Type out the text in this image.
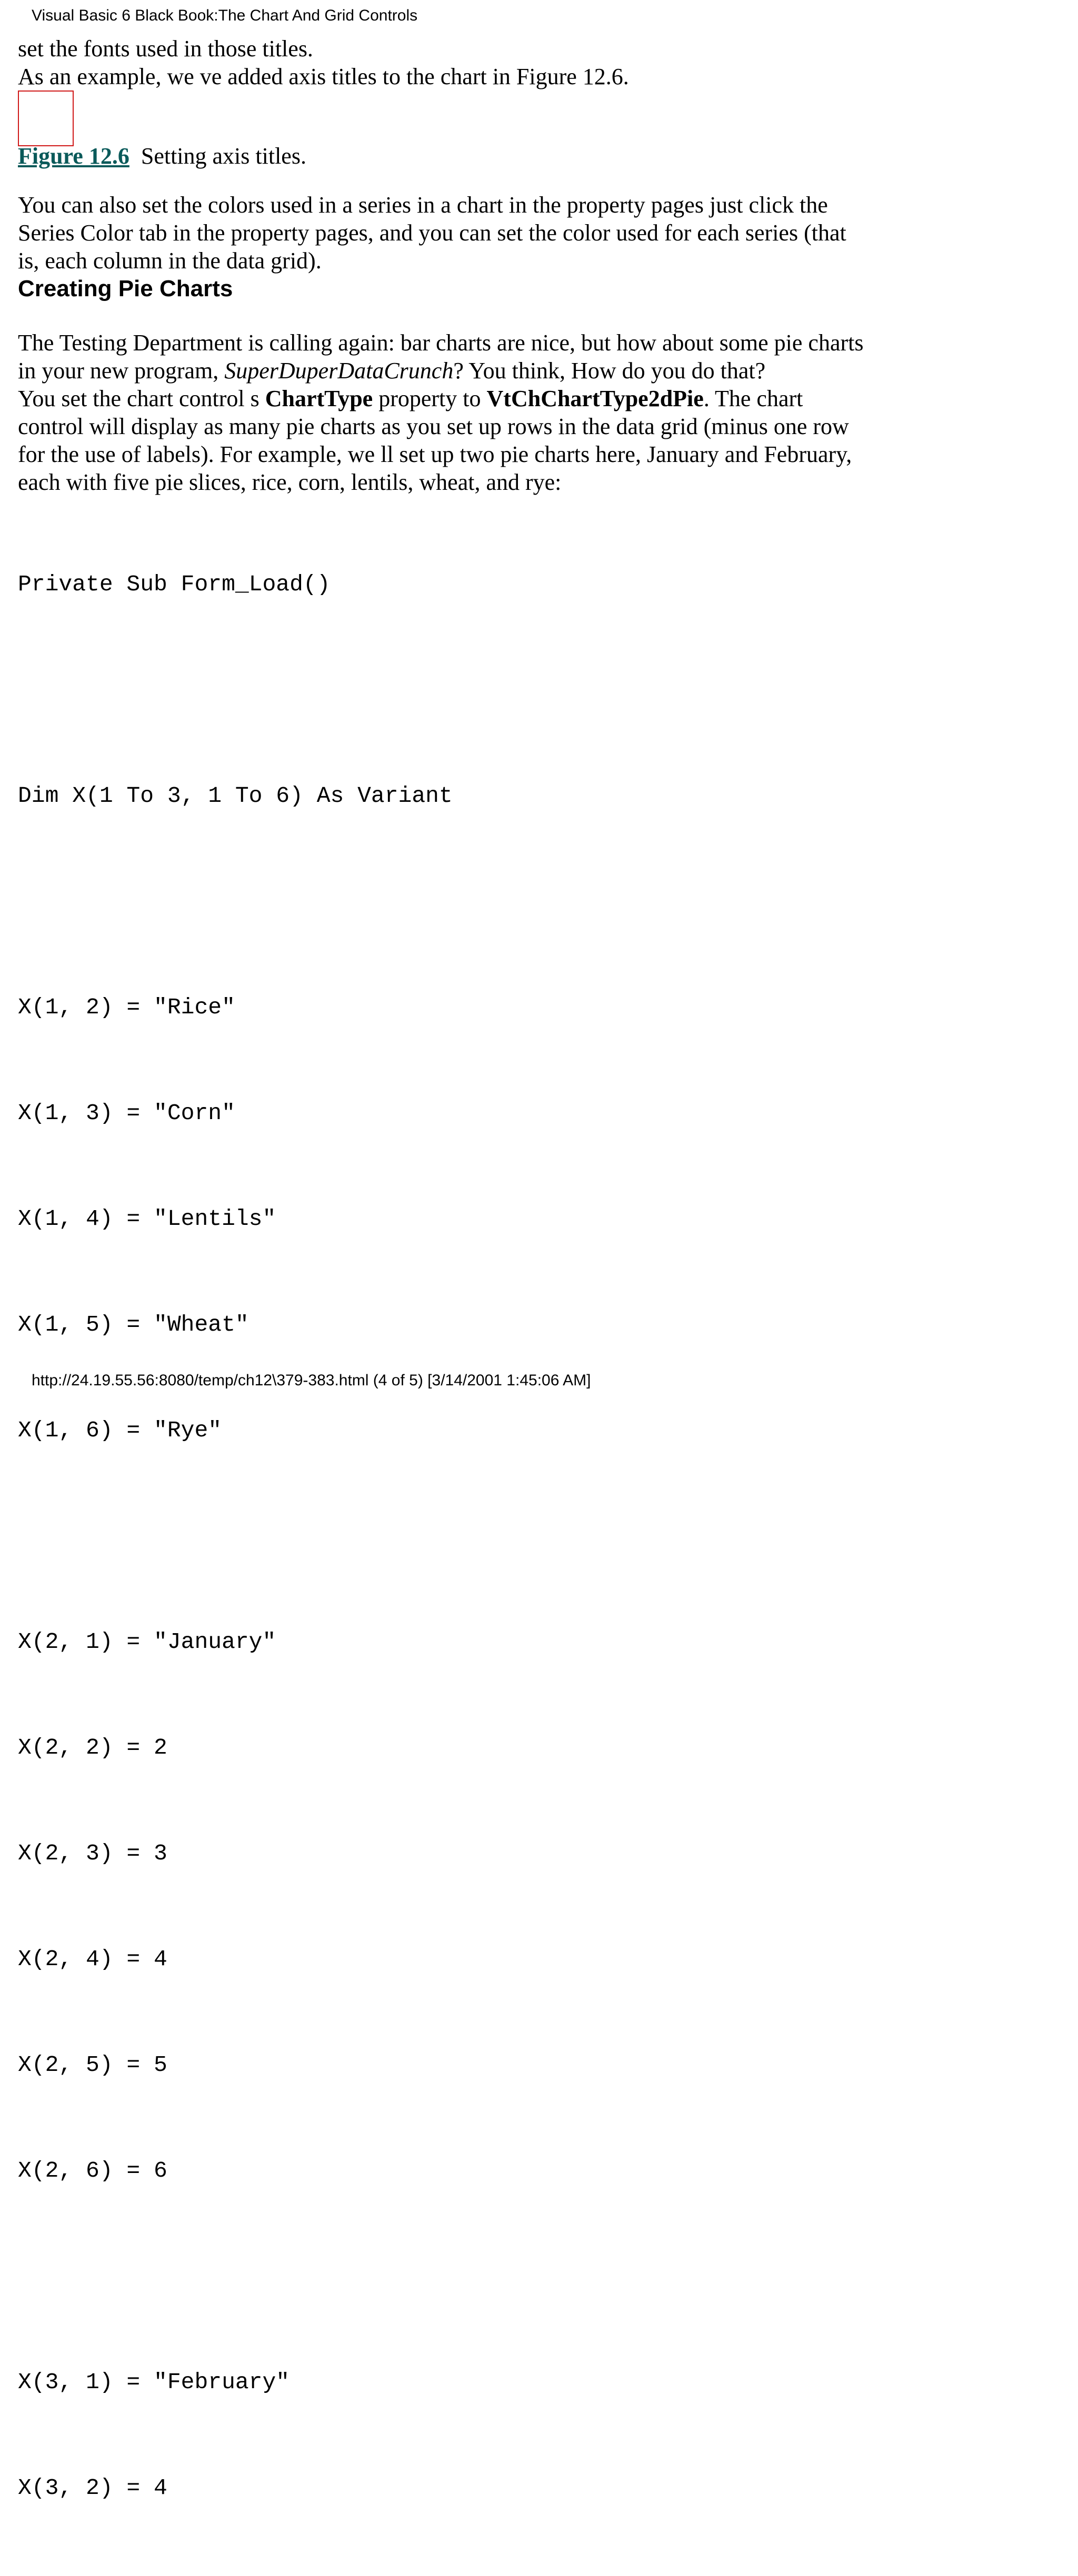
Visual Basic 6 Black Book:The Chart And Grid Controls

set the fonts used in those titles.

As an example, we ve added axis titles to the chart in Figure 12.6.

Figure 12.6 Setting axis titles.

You can also set the colors used in a series in a chart in the property pages just click the Series Color tab in the property pages, and you can set the color used for each series (that is, each column in the data grid).

Creating Pie Charts

The Testing Department is calling again: bar charts are nice, but how about some pie charts in your new program, SuperDuperDataCrunch? You think, How do you do that?

You set the chart control s ChartType property to VtChChartType2dPie. The chart control will display as many pie charts as you set up rows in the data grid (minus one row for the use of labels). For example, we ll set up two pie charts here, January and February, each with five pie slices, rice, corn, lentils, wheat, and rye:

Private Sub Form_Load()

Dim X(1 To 3, 1 To 6) As Variant

X(1, 2) = "Rice"

X(1, 3) = "Corn"

X(1, 4) = "Lentils"

X(1, 5) = "Wheat"

X(1, 6) = "Rye"

X(2, 1) = "January"

X(2, 2) = 2

X(2, 3) = 3

X(2, 4) = 4

X(2, 5) = 5

X(2, 6) = 6

X(3, 1) = "February"

X(3, 2) = 4

http://24.19.55.56:8080/temp/ch12\379-383.html (4 of 5) [3/14/2001 1:45:06 AM]
